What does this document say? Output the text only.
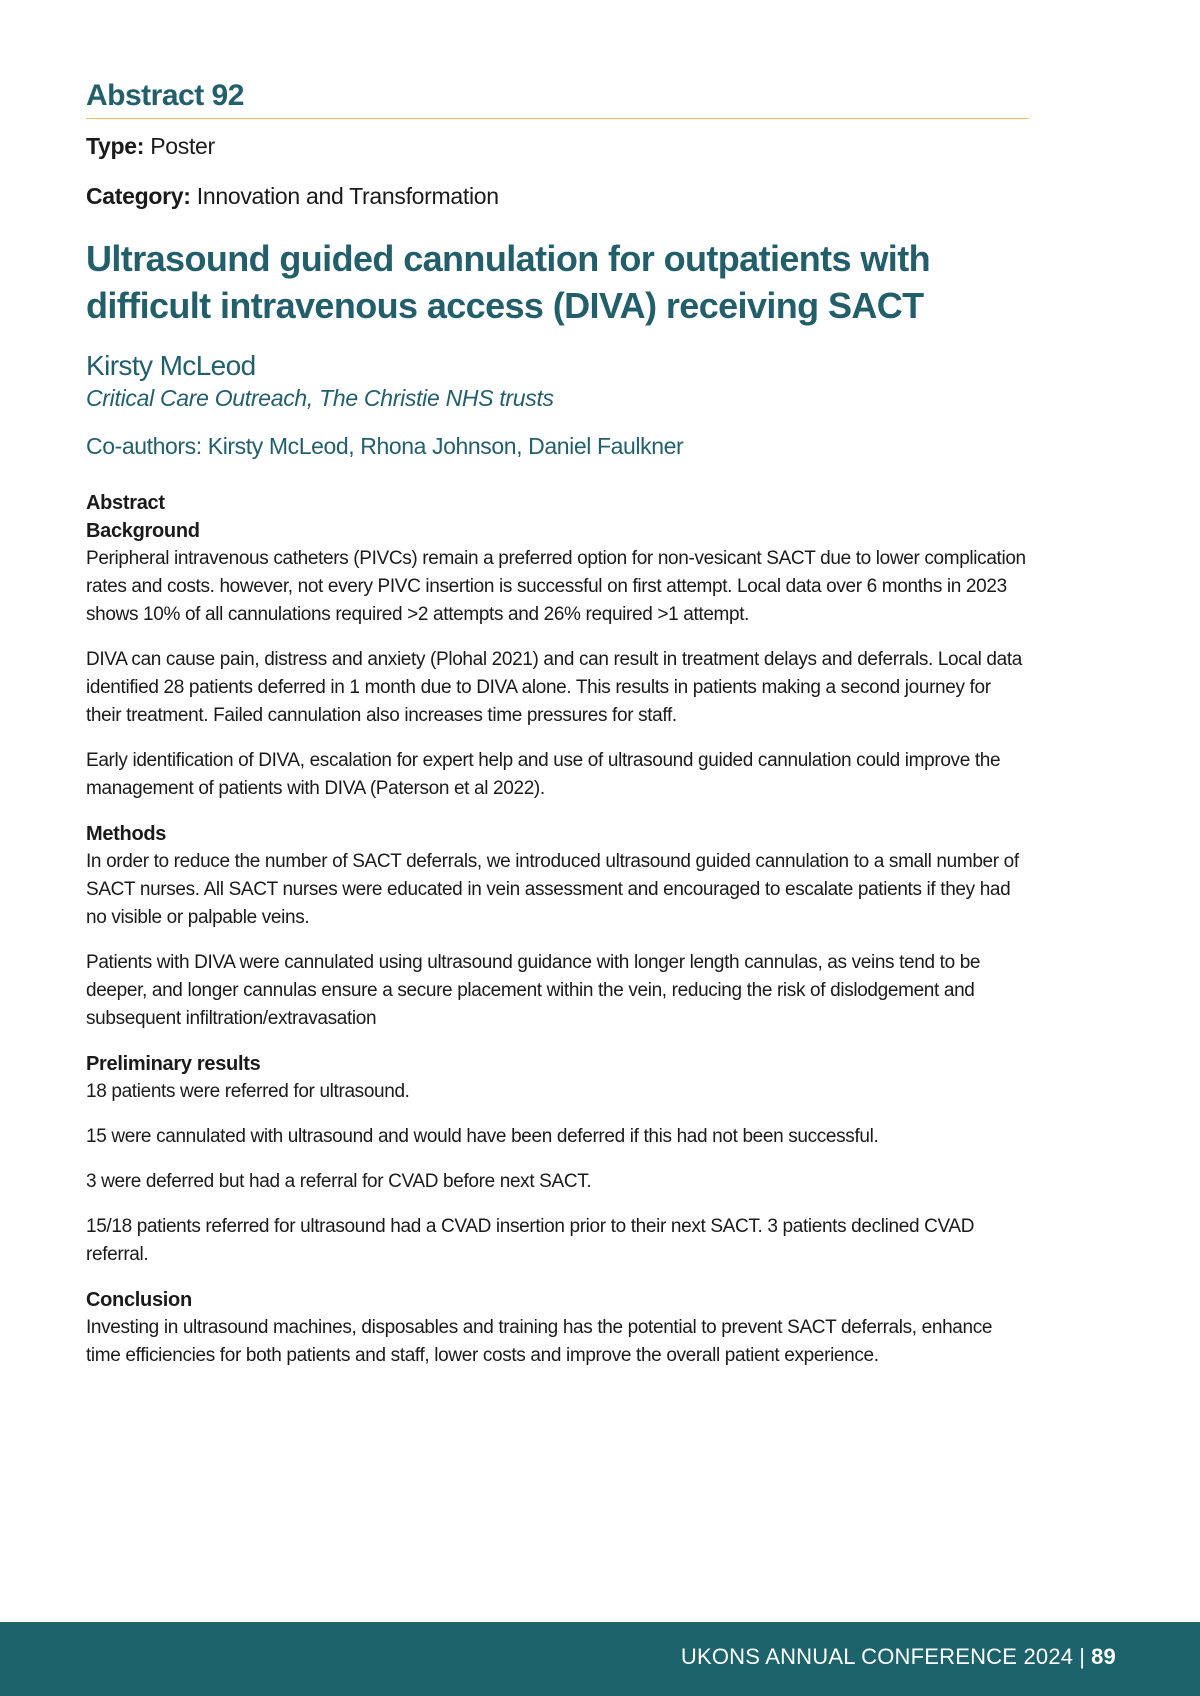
Abstract 92

Type: Poster

Category: Innovation and Transformation

Ultrasound guided cannulation for outpatients with difficult intravenous access (DIVA) receiving SACT

Kirsty McLeod

Critical Care Outreach, The Christie NHS trusts

Co-authors: Kirsty McLeod, Rhona Johnson, Daniel Faulkner

Abstract

Background

Peripheral intravenous catheters (PIVCs) remain a preferred option for non-vesicant SACT due to lower complication rates and costs. however, not every PIVC insertion is successful on first attempt. Local data over 6 months in 2023 shows 10% of all cannulations required >2 attempts and 26% required >1 attempt.

DIVA can cause pain, distress and anxiety (Plohal 2021) and can result in treatment delays and deferrals. Local data identified 28 patients deferred in 1 month due to DIVA alone. This results in patients making a second journey for their treatment. Failed cannulation also increases time pressures for staff.

Early identification of DIVA, escalation for expert help and use of ultrasound guided cannulation could improve the management of patients with DIVA (Paterson et al 2022).

Methods

In order to reduce the number of SACT deferrals, we introduced ultrasound guided cannulation to a small number of SACT nurses. All SACT nurses were educated in vein assessment and encouraged to escalate patients if they had no visible or palpable veins.

Patients with DIVA were cannulated using ultrasound guidance with longer length cannulas, as veins tend to be deeper, and longer cannulas ensure a secure placement within the vein, reducing the risk of dislodgement and subsequent infiltration/extravasation

Preliminary results

18 patients were referred for ultrasound.

15 were cannulated with ultrasound and would have been deferred if this had not been successful.

3 were deferred but had a referral for CVAD before next SACT.

15/18 patients referred for ultrasound had a CVAD insertion prior to their next SACT. 3 patients declined CVAD referral.

Conclusion

Investing in ultrasound machines, disposables and training has the potential to prevent SACT deferrals, enhance time efficiencies for both patients and staff, lower costs and improve the overall patient experience.

UKONS ANNUAL CONFERENCE 2024 | 89
